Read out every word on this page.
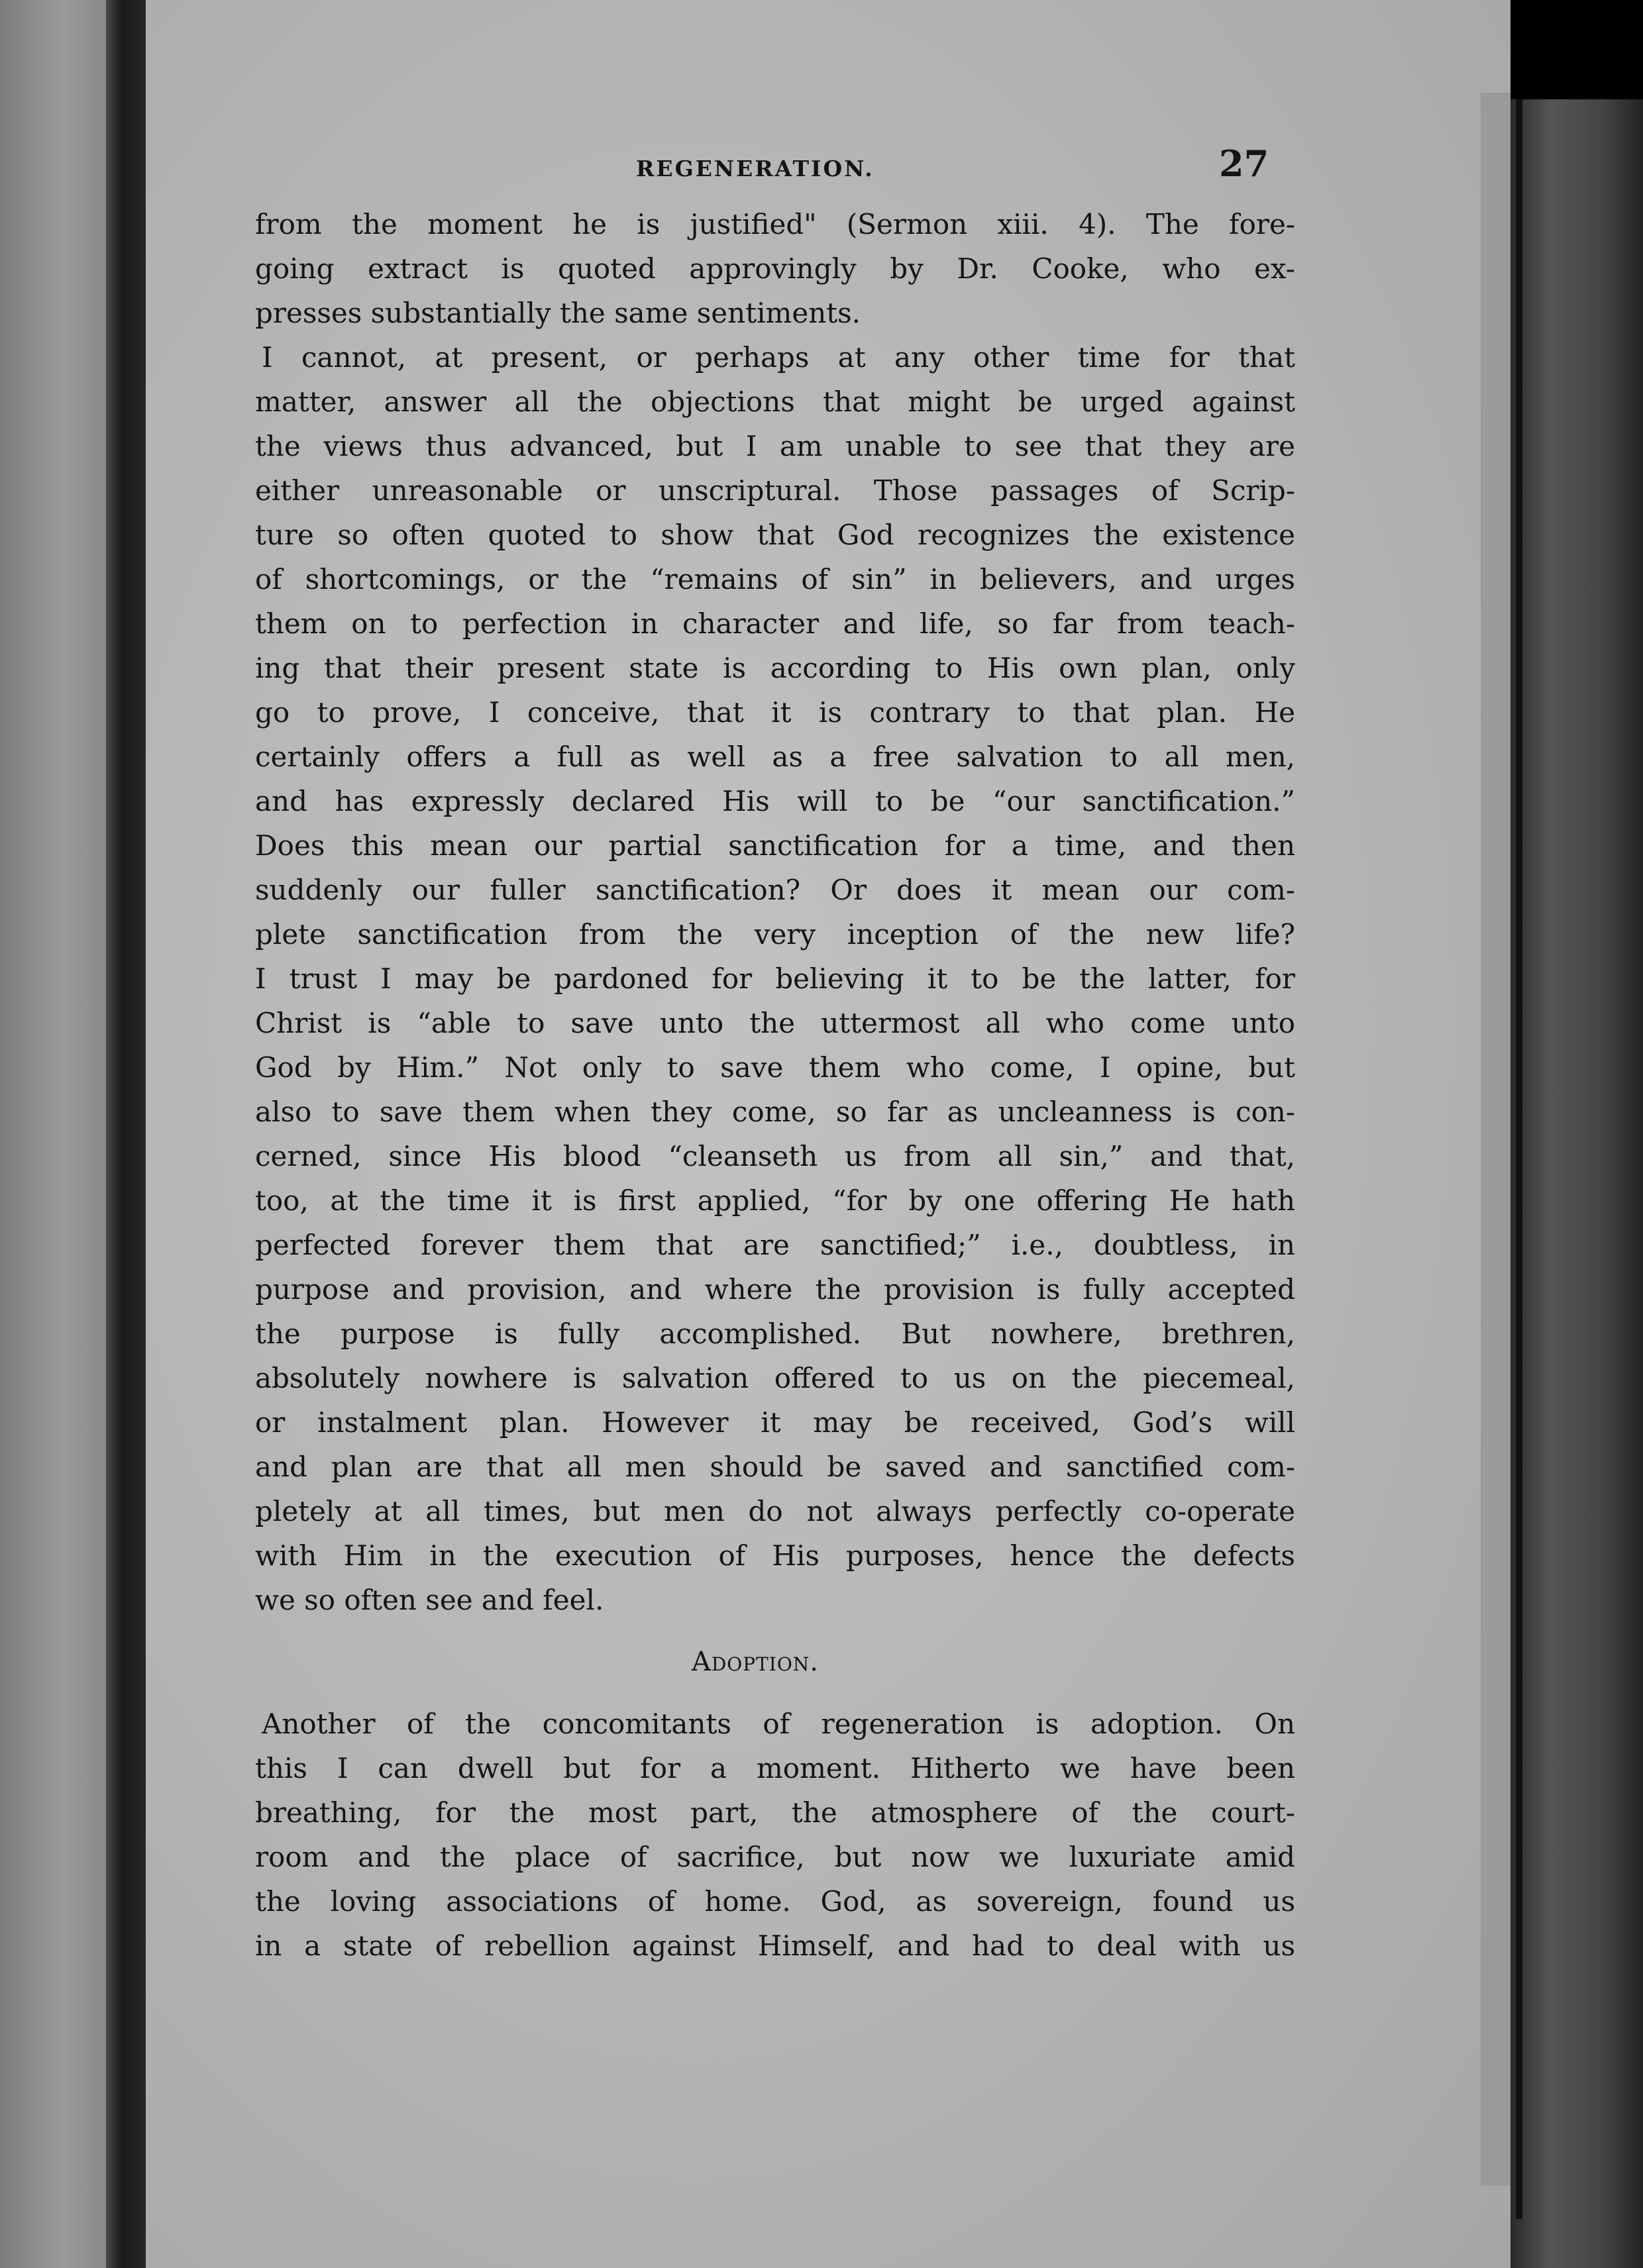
REGENERATION.	27
from the moment he is justified" (Sermon xiii. 4). The fore-
going extract is quoted approvingly by Dr. Cooke, who ex-
presses substantially the same sentiments.
I cannot, at present, or perhaps at any other time for that
matter, answer all the objections that might be urged against
the views thus advanced, but I am unable to see that they are
either unreasonable or unscriptural. Those passages of Scrip-
ture so often quoted to show that God recognizes the existence
of shortcomings, or the “remains of sin” in believers, and urges
them on to perfection in character and life, so far from teach-
ing that their present state is according to His own plan, only
go to prove, I conceive, that it is contrary to that plan. He
certainly offers a full as well as a free salvation to all men,
and has expressly declared His will to be “our sanctification.”
Does this mean our partial sanctification for a time, and then
suddenly our fuller sanctification? Or does it mean our com-
plete sanctification from the very inception of the new life?
I trust I may be pardoned for believing it to be the latter, for
Christ is “able to save unto the uttermost all who come unto
God by Him.” Not only to save them who come, I opine, but
also to save them when they come, so far as uncleanness is con-
cerned, since His blood “cleanseth us from all sin,” and that,
too, at the time it is first applied, “for by one offering He hath
perfected forever them that are sanctified;” i.e., doubtless, in
purpose and provision, and where the provision is fully accepted
the purpose is fully accomplished. But nowhere, brethren,
absolutely nowhere is salvation offered to us on the piecemeal,
or instalment plan. However it may be received, God’s will
and plan are that all men should be saved and sanctified com-
pletely at all times, but men do not always perfectly co-operate
with Him in the execution of His purposes, hence the defects
we so often see and feel.
Adoption.
Another of the concomitants of regeneration is adoption. On
this I can dwell but for a moment. Hitherto we have been
breathing, for the most part, the atmosphere of the court-
room and the place of sacrifice, but now we luxuriate amid
the loving associations of home. God, as sovereign, found us
in a state of rebellion against Himself, and had to deal with us
